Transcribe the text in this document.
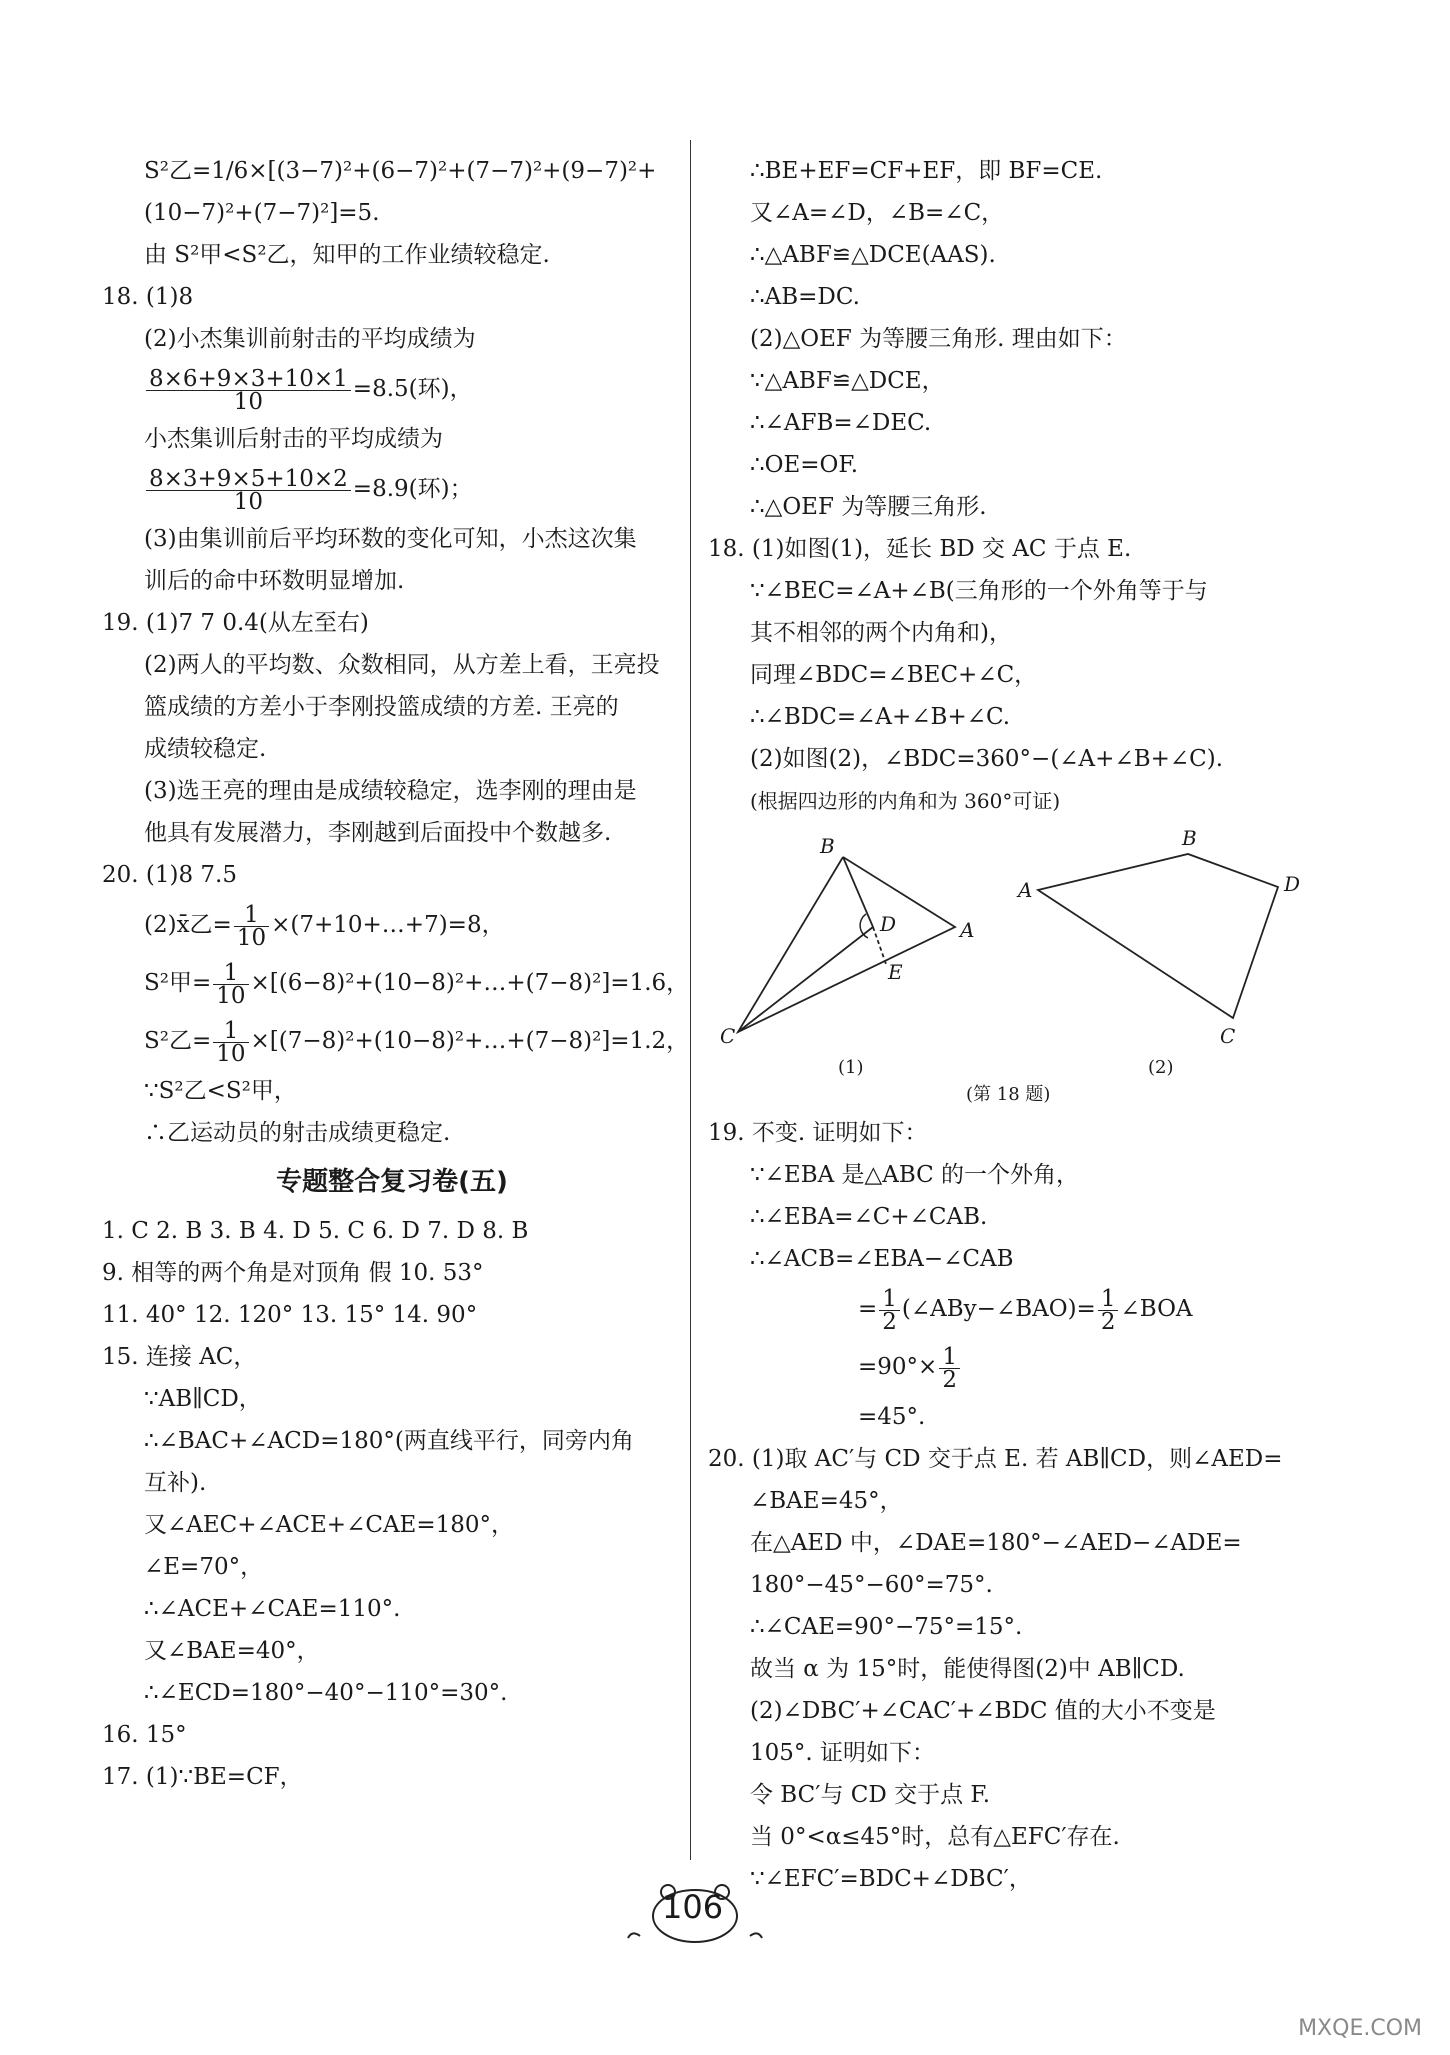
S²乙=1/6×[(3−7)²+(6−7)²+(7−7)²+(9−7)²+
(10−7)²+(7−7)²]=5.
由 S²甲<S²乙，知甲的工作业绩较稳定.
18. (1)8
(2)小杰集训前射击的平均成绩为
$\frac{8\times 6+9\times 3+10\times 1}{10} =8.5$(环)，
小杰集训后射击的平均成绩为
$\frac{8\times 3+9\times 5+10\times 2}{10} =8.9$(环)；
(3)由集训前后平均环数的变化可知，小杰这次集
训后的命中环数明显增加.
19. (1)7 7 0.4(从左至右)
(2)两人的平均数、众数相同，从方差上看，王亮投
篮成绩的方差小于李刚投篮成绩的方差. 王亮的
成绩较稳定.
(3)选王亮的理由是成绩较稳定，选李刚的理由是
他具有发展潜力，李刚越到后面投中个数越多.
20. (1)8 7.5
(2)x̄乙= $\frac{1}{10}$ ×(7+10+…+7)=8，
S²甲= $\frac{1}{10}$ ×[(6−8)²+(10−8)²+…+(7−8)²]=1.6，
S²乙= $\frac{1}{10}$ ×[(7−8)²+(10−8)²+…+(7−8)²]=1.2，
∵S²乙<S²甲，
∴乙运动员的射击成绩更稳定.
专题整合复习卷(五)
1. C 2. B 3. B 4. D 5. C 6. D 7. D 8. B
9. 相等的两个角是对顶角 假 10. 53°
11. 40° 12. 120° 13. 15° 14. 90°
15. 连接 AC，
∵AB∥CD，
∴∠BAC+∠ACD=180°(两直线平行，同旁内角
互补).
又∠AEC+∠ACE+∠CAE=180°，
∠E=70°，
∴∠ACE+∠CAE=110°.
又∠BAE=40°，
∴∠ECD=180°−40°−110°=30°.
16. 15°
17. (1)∵BE=CF，
∴BE+EF=CF+EF，即 BF=CE.
又∠A=∠D，∠B=∠C，
∴△ABF≌△DCE(AAS).
∴AB=DC.
(2)△OEF 为等腰三角形. 理由如下：
∵△ABF≌△DCE，
∴∠AFB=∠DEC.
∴OE=OF.
∴△OEF 为等腰三角形.
18. (1)如图(1)，延长 BD 交 AC 于点 E.
∵∠BEC=∠A+∠B(三角形的一个外角等于与
其不相邻的两个内角和)，
同理∠BDC=∠BEC+∠C，
∴∠BDC=∠A+∠B+∠C.
(2)如图(2)，∠BDC=360°−(∠A+∠B+∠C).
(根据四边形的内角和为 360°可证)
B
D	A
E
C
B
A	D
C
(1)	(2)
(第 18 题)
19. 不变. 证明如下：
∵∠EBA 是△ABC 的一个外角，
∴∠EBA=∠C+∠CAB.
∴∠ACB=∠EBA−∠CAB
= $\frac{1}{2}$ (∠ABy−∠BAO)= $\frac{1}{2}$ ∠BOA
$=90^\circ\times \frac{1}{2}$
=45°.
20. (1)取 AC′与 CD 交于点 E. 若 AB∥CD，则∠AED=
∠BAE=45°，
在△AED 中，∠DAE=180°−∠AED−∠ADE=
180°−45°−60°=75°.
∴∠CAE=90°−75°=15°.
故当 α 为 15°时，能使得图(2)中 AB∥CD.
(2)∠DBC′+∠CAC′+∠BDC 值的大小不变是
105°. 证明如下：
令 BC′与 CD 交于点 F.
当 0°<α≤45°时，总有△EFC′存在.
∵∠EFC′=BDC+∠DBC′，
106
MXQE.COM
